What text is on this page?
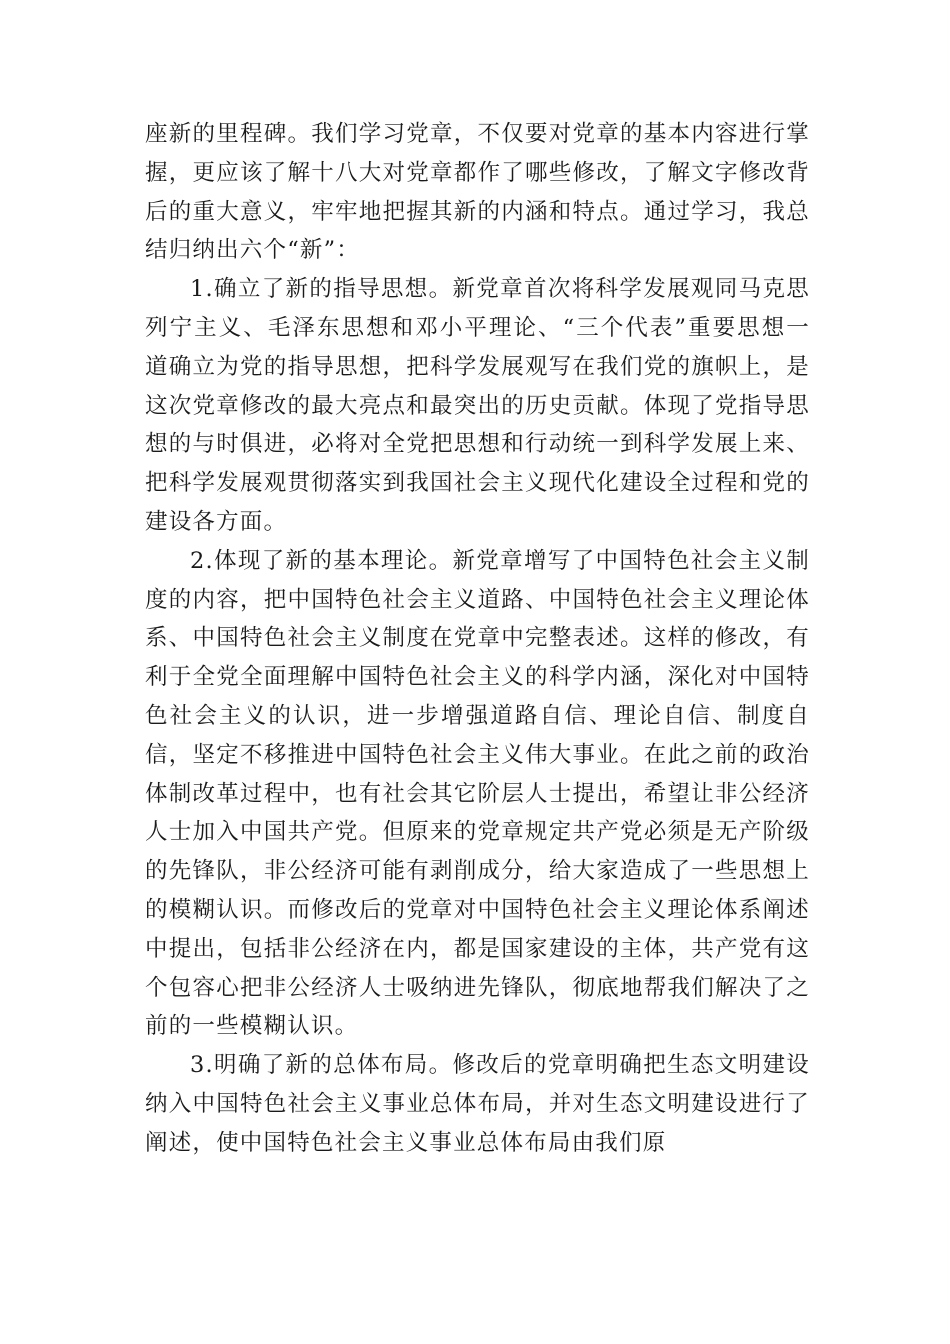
座新的里程碑。我们学习党章，不仅要对党章的基本内容进行掌握，更应该了解十八大对党章都作了哪些修改，了解文字修改背后的重大意义，牢牢地把握其新的内涵和特点。通过学习，我总结归纳出六个“新”：

1.确立了新的指导思想。新党章首次将科学发展观同马克思列宁主义、毛泽东思想和邓小平理论、“三个代表”重要思想一道确立为党的指导思想，把科学发展观写在我们党的旗帜上，是这次党章修改的最大亮点和最突出的历史贡献。体现了党指导思想的与时俱进，必将对全党把思想和行动统一到科学发展上来、把科学发展观贯彻落实到我国社会主义现代化建设全过程和党的建设各方面。

2.体现了新的基本理论。新党章增写了中国特色社会主义制度的内容，把中国特色社会主义道路、中国特色社会主义理论体系、中国特色社会主义制度在党章中完整表述。这样的修改，有利于全党全面理解中国特色社会主义的科学内涵，深化对中国特色社会主义的认识，进一步增强道路自信、理论自信、制度自信，坚定不移推进中国特色社会主义伟大事业。在此之前的政治体制改革过程中，也有社会其它阶层人士提出，希望让非公经济人士加入中国共产党。但原来的党章规定共产党必须是无产阶级的先锋队，非公经济可能有剥削成分，给大家造成了一些思想上的模糊认识。而修改后的党章对中国特色社会主义理论体系阐述中提出，包括非公经济在内，都是国家建设的主体，共产党有这个包容心把非公经济人士吸纳进先锋队，彻底地帮我们解决了之前的一些模糊认识。

3.明确了新的总体布局。修改后的党章明确把生态文明建设纳入中国特色社会主义事业总体布局，并对生态文明建设进行了阐述，使中国特色社会主义事业总体布局由我们原
